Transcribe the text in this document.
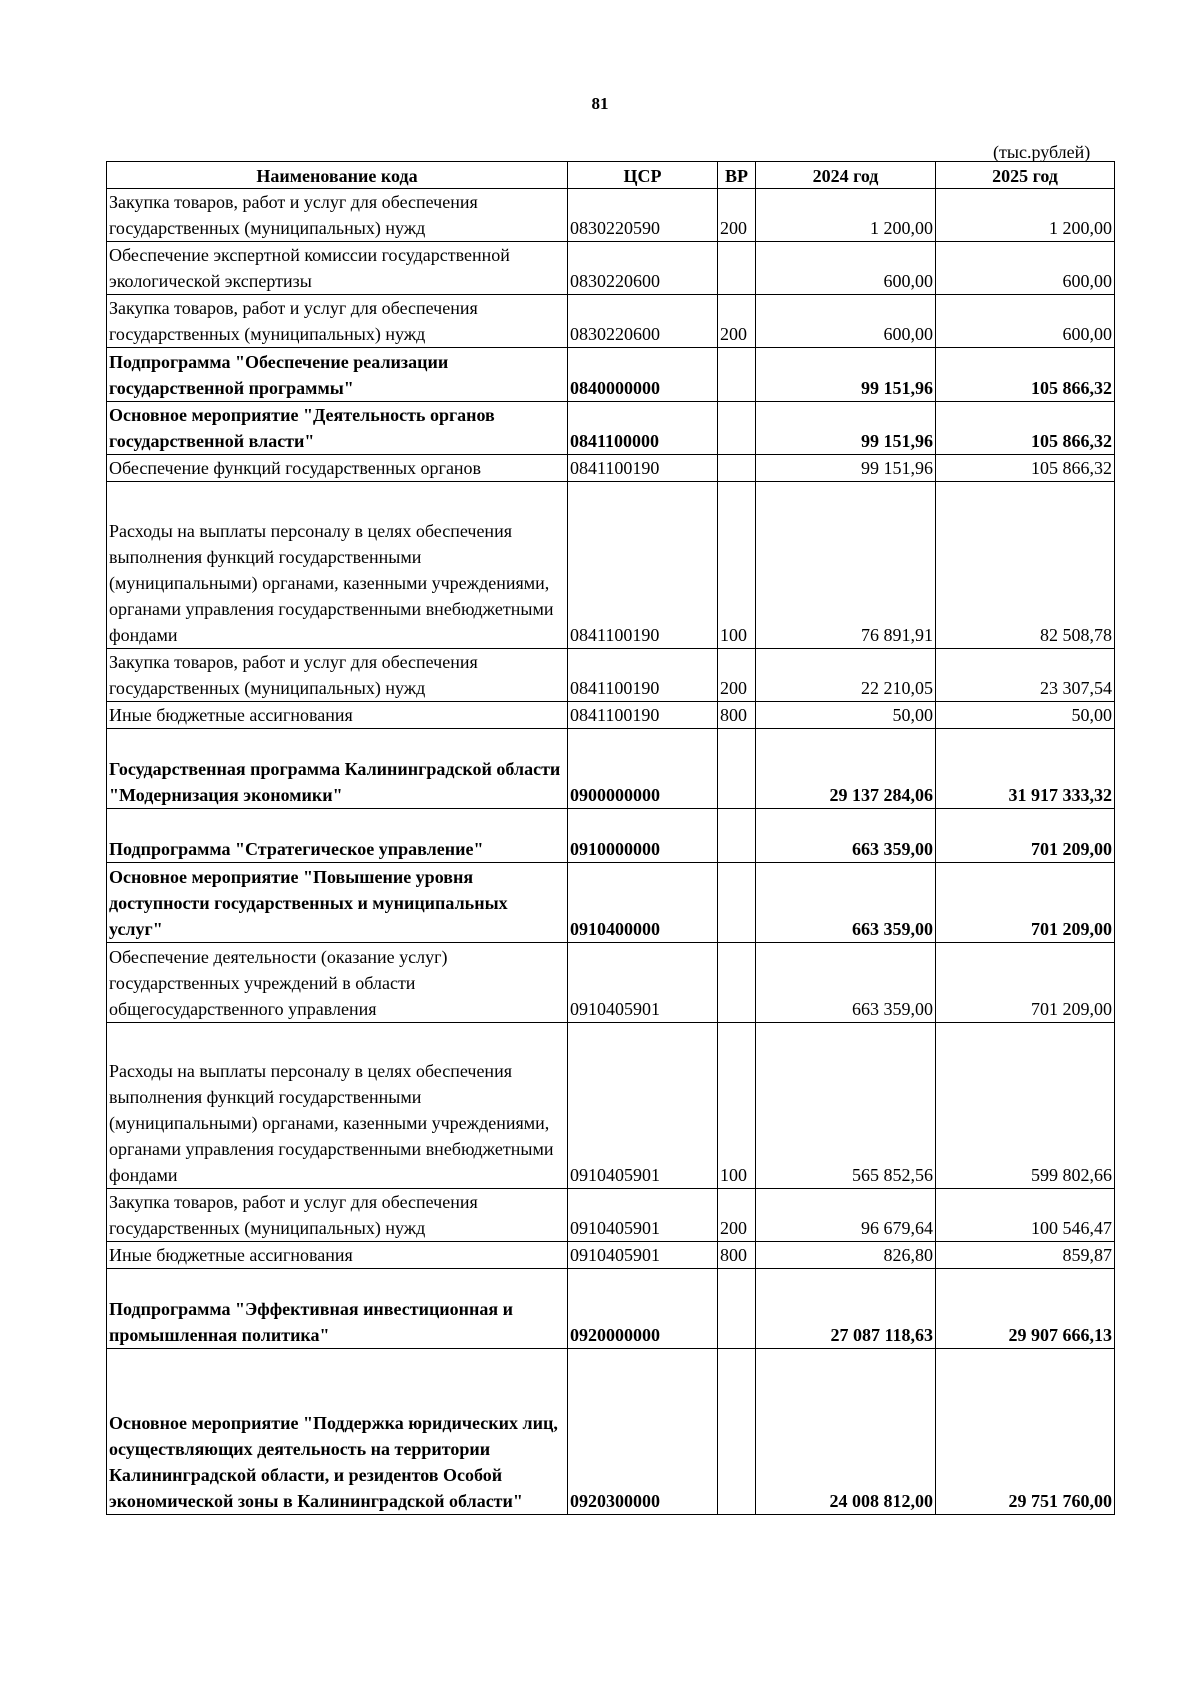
81
(тыс.рублей)
Наименование кода	ЦСР	ВР	2024 год	2025 год
Закупка товаров, работ и услуг для обеспечения государственных (муниципальных) нужд	0830220590	200	1 200,00	1 200,00
Обеспечение экспертной комиссии государственной экологической экспертизы	0830220600		600,00	600,00
Закупка товаров, работ и услуг для обеспечения государственных (муниципальных) нужд	0830220600	200	600,00	600,00
Подпрограмма "Обеспечение реализации государственной программы"	0840000000		99 151,96	105 866,32
Основное мероприятие "Деятельность органов государственной власти"	0841100000		99 151,96	105 866,32
Обеспечение функций государственных органов	0841100190		99 151,96	105 866,32
Расходы на выплаты персоналу в целях обеспечения выполнения функций государственными (муниципальными) органами, казенными учреждениями, органами управления государственными внебюджетными фондами	0841100190	100	76 891,91	82 508,78
Закупка товаров, работ и услуг для обеспечения государственных (муниципальных) нужд	0841100190	200	22 210,05	23 307,54
Иные бюджетные ассигнования	0841100190	800	50,00	50,00
Государственная программа Калининградской области "Модернизация экономики"	0900000000		29 137 284,06	31 917 333,32
Подпрограмма "Стратегическое управление"	0910000000		663 359,00	701 209,00
Основное мероприятие "Повышение уровня доступности государственных и муниципальных услуг"	0910400000		663 359,00	701 209,00
Обеспечение деятельности (оказание услуг) государственных учреждений в области общегосударственного управления	0910405901		663 359,00	701 209,00
Расходы на выплаты персоналу в целях обеспечения выполнения функций государственными (муниципальными) органами, казенными учреждениями, органами управления государственными внебюджетными фондами	0910405901	100	565 852,56	599 802,66
Закупка товаров, работ и услуг для обеспечения государственных (муниципальных) нужд	0910405901	200	96 679,64	100 546,47
Иные бюджетные ассигнования	0910405901	800	826,80	859,87
Подпрограмма "Эффективная инвестиционная и промышленная политика"	0920000000		27 087 118,63	29 907 666,13
Основное мероприятие "Поддержка юридических лиц, осуществляющих деятельность на территории Калининградской области, и резидентов Особой экономической зоны в Калининградской области"	0920300000		24 008 812,00	29 751 760,00
